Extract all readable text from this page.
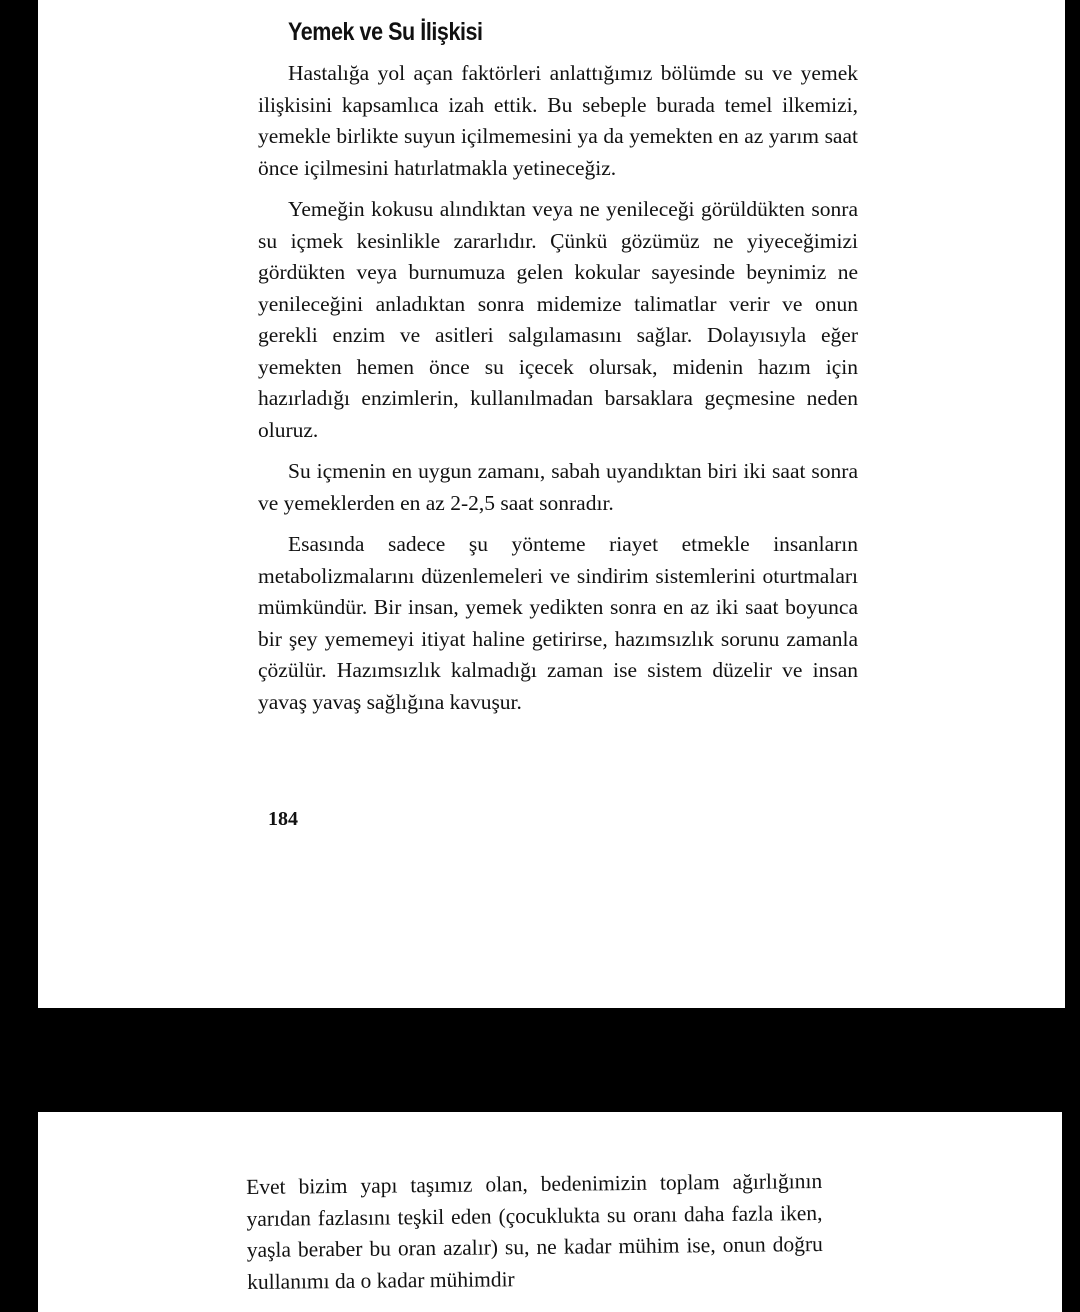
Yemek ve Su İlişkisi

Hastalığa yol açan faktörleri anlattığımız bölümde su ve yemek ilişkisini kapsamlıca izah ettik. Bu sebeple burada temel ilkemizi, yemekle birlikte suyun içilmemesini ya da yemekten en az yarım saat önce içilmesini hatırlatmakla yetineceğiz.

Yemeğin kokusu alındıktan veya ne yenileceği görüldükten sonra su içmek kesinlikle zararlıdır. Çünkü gözümüz ne yiyeceğimizi gördükten veya burnumuza gelen kokular sayesinde beynimiz ne yenileceğini anladıktan sonra midemize talimatlar verir ve onun gerekli enzim ve asitleri salgılamasını sağlar. Dolayısıyla eğer yemekten hemen önce su içecek olursak, midenin hazım için hazırladığı enzimlerin, kullanılmadan barsaklara geçmesine neden oluruz.

Su içmenin en uygun zamanı, sabah uyandıktan biri iki saat sonra ve yemeklerden en az 2-2,5 saat sonradır.

Esasında sadece şu yönteme riayet etmekle insanların metabolizmalarını düzenlemeleri ve sindirim sistemlerini oturtmaları mümkündür. Bir insan, yemek yedikten sonra en az iki saat boyunca bir şey yememeyi itiyat haline getirirse, hazımsızlık sorunu zamanla çözülür. Hazımsızlık kalmadığı zaman ise sistem düzelir ve insan yavaş yavaş sağlığına kavuşur.

184
Evet bizim yapı taşımız olan, bedenimizin toplam ağırlığının yarıdan fazlasını teşkil eden (çocuklukta su oranı daha fazla iken, yaşla beraber bu oran azalır) su, ne kadar mühim ise, onun doğru kullanımı da o kadar mühimdir
